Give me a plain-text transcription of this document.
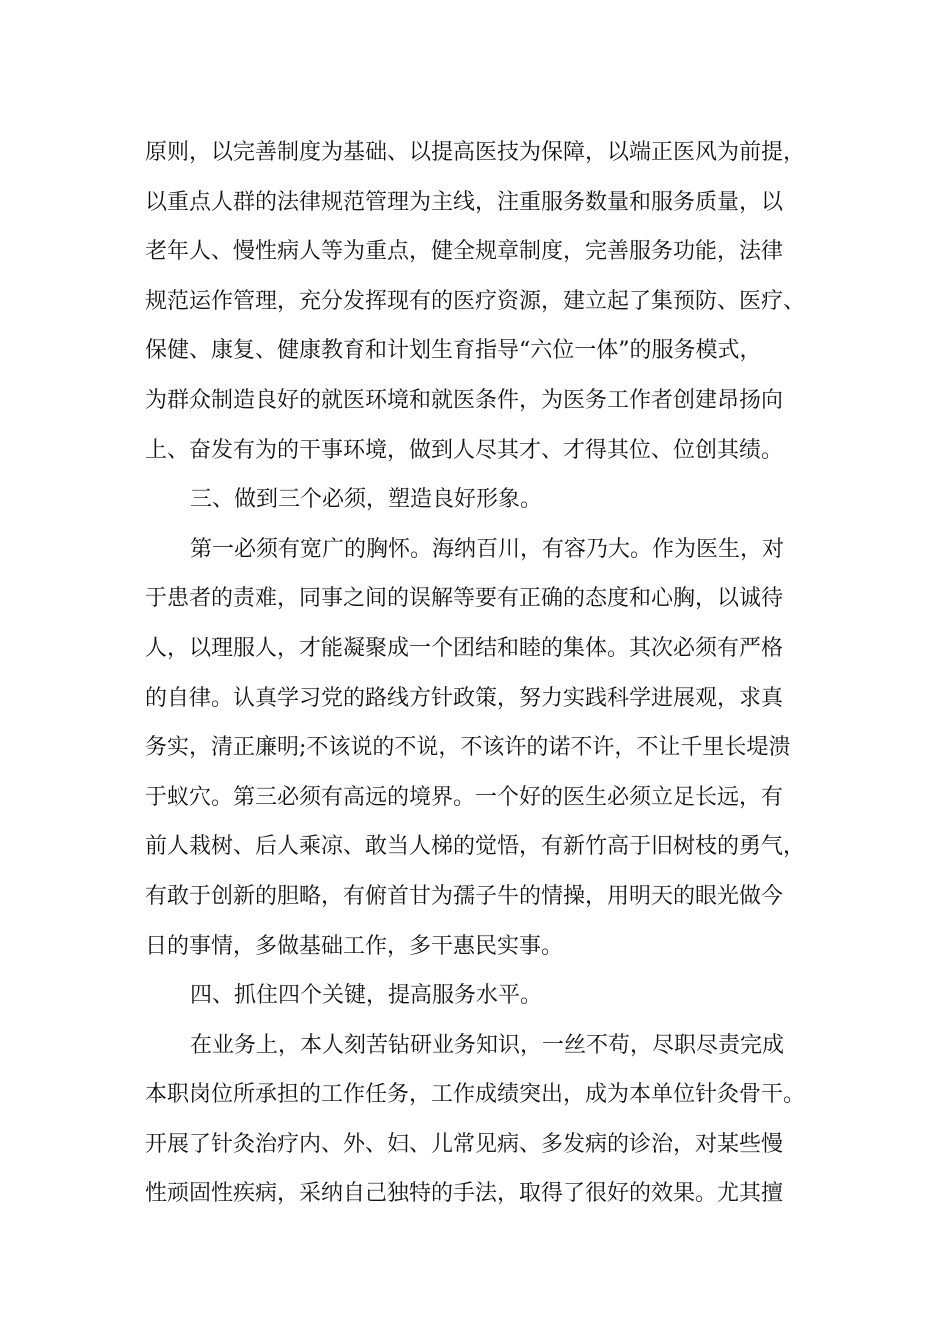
原则，以完善制度为基础、以提高医技为保障，以端正医风为前提，
以重点人群的法律规范管理为主线，注重服务数量和服务质量，以
老年人、慢性病人等为重点，健全规章制度，完善服务功能，法律
规范运作管理，充分发挥现有的医疗资源，建立起了集预防、医疗、
保健、康复、健康教育和计划生育指导“六位一体”的服务模式，
为群众制造良好的就医环境和就医条件，为医务工作者创建昂扬向
上、奋发有为的干事环境，做到人尽其才、才得其位、位创其绩。
三、做到三个必须，塑造良好形象。
第一必须有宽广的胸怀。海纳百川，有容乃大。作为医生，对
于患者的责难，同事之间的误解等要有正确的态度和心胸，以诚待
人，以理服人，才能凝聚成一个团结和睦的集体。其次必须有严格
的自律。认真学习党的路线方针政策，努力实践科学进展观，求真
务实，清正廉明;不该说的不说，不该许的诺不许，不让千里长堤溃
于蚁穴。第三必须有高远的境界。一个好的医生必须立足长远，有
前人栽树、后人乘凉、敢当人梯的觉悟，有新竹高于旧树枝的勇气，
有敢于创新的胆略，有俯首甘为孺子牛的情操，用明天的眼光做今
日的事情，多做基础工作，多干惠民实事。
四、抓住四个关键，提高服务水平。
在业务上，本人刻苦钻研业务知识，一丝不苟，尽职尽责完成
本职岗位所承担的工作任务，工作成绩突出，成为本单位针灸骨干。
开展了针灸治疗内、外、妇、儿常见病、多发病的诊治，对某些慢
性顽固性疾病，采纳自己独特的手法，取得了很好的效果。尤其擅
